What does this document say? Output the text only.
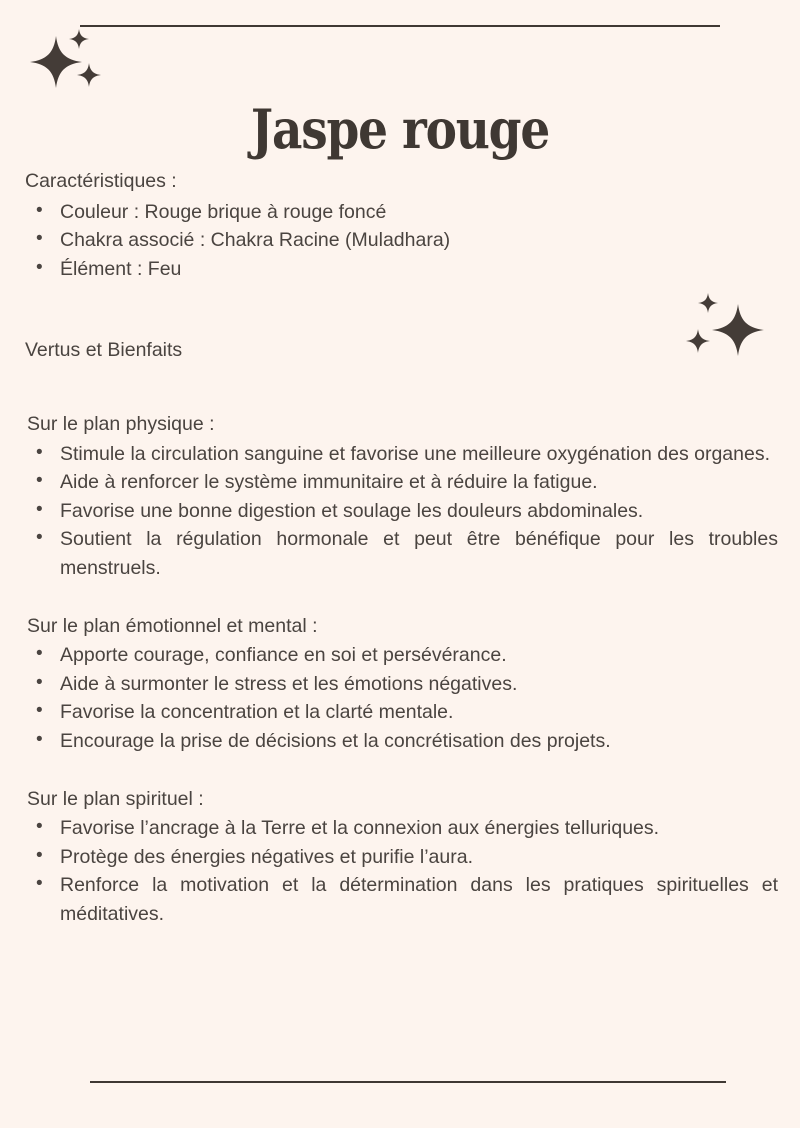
Jaspe rouge
Caractéristiques :
• Couleur : Rouge brique à rouge foncé
• Chakra associé : Chakra Racine (Muladhara)
• Élément : Feu
Vertus et Bienfaits
Sur le plan physique :
• Stimule la circulation sanguine et favorise une meilleure oxygénation des organes.
• Aide à renforcer le système immunitaire et à réduire la fatigue.
• Favorise une bonne digestion et soulage les douleurs abdominales.
• Soutient la régulation hormonale et peut être bénéfique pour les troubles menstruels.
Sur le plan émotionnel et mental :
• Apporte courage, confiance en soi et persévérance.
• Aide à surmonter le stress et les émotions négatives.
• Favorise la concentration et la clarté mentale.
• Encourage la prise de décisions et la concrétisation des projets.
Sur le plan spirituel :
• Favorise l’ancrage à la Terre et la connexion aux énergies telluriques.
• Protège des énergies négatives et purifie l’aura.
• Renforce la motivation et la détermination dans les pratiques spirituelles et méditatives.
